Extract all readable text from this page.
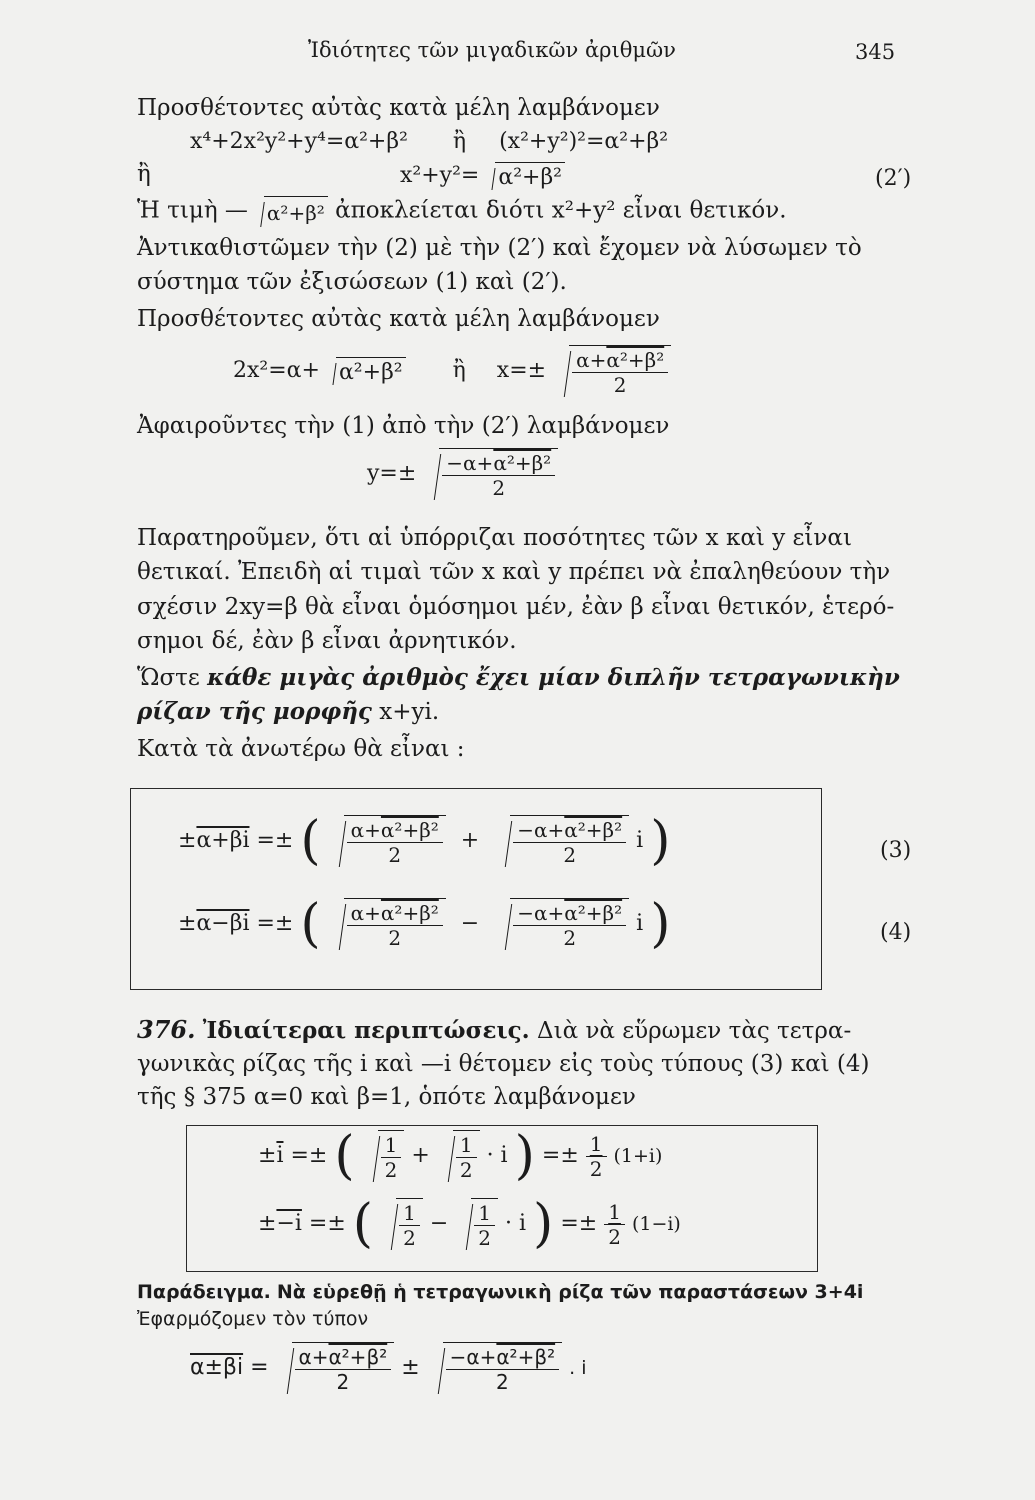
Ἰδιότητες τῶν μιγαδικῶν ἀριθμῶν	345
Προσθέτοντες αὐτὰς κατὰ μέλη λαμβάνομεν
x⁴+2x²y²+y⁴=α²+β² ἢ (x²+y²)²=α²+β²
ἢ	x²+y²= α²+β²	(2′)
Ἡ τιμὴ — α²+β² ἀποκλείεται διότι x²+y² εἶναι θετικόν.
Ἀντικαθιστῶμεν τὴν (2) μὲ τὴν (2′) καὶ ἔχομεν νὰ λύσωμεν τὸ
σύστημα τῶν ἐξισώσεων (1) καὶ (2′).
Προσθέτοντες αὐτὰς κατὰ μέλη λαμβάνομεν
2x²=α+ α²+β² ἢ $x=\pm \frac{\text{α+α²+β²}}{2}$
Ἀφαιροῦντες τὴν (1) ἀπὸ τὴν (2′) λαμβάνομεν
$y=\pm \frac{\text{−α+α²+β²}}{2}$
Παρατηροῦμεν, ὅτι αἱ ὑπόρριζαι ποσότητες τῶν x καὶ y εἶναι
θετικαί. Ἐπειδὴ αἱ τιμαὶ τῶν x καὶ y πρέπει νὰ ἐπαληθεύουν τὴν
σχέσιν 2xy=β θὰ εἶναι ὁμόσημοι μέν, ἐὰν β εἶναι θετικόν, ἑτερό-
σημοι δέ, ἐὰν β εἶναι ἀρνητικόν.
Ὥστε κάθε μιγὰς ἀριθμὸς ἔχει μίαν διπλῆν τετραγωνικὴν
ρίζαν τῆς μορφῆς x+yi.
Κατὰ τὰ ἀνωτέρω θὰ εἶναι :
±α+βi =± ( $\frac{\text{α+α²+β²}}{2} + \frac{\text{−α+α²+β²}}{2}$ i )	(3)
±α−βi =± ( $\frac{\text{α+α²+β²}}{2} - \frac{\text{−α+α²+β²}}{2}$ i )	(4)
376. Ἰδιαίτεραι περιπτώσεις. Διὰ νὰ εὕρωμεν τὰς τετρα-
γωνικὰς ρίζας τῆς i καὶ —i θέτομεν εἰς τοὺς τύπους (3) καὶ (4)
τῆς § 375 α=0 καὶ β=1, ὁπότε λαμβάνομεν
$\pm\overline{i}$ =± ( $\frac{1}{2} + \frac{1}{2} \cdot i$ ) =± $\frac{1}{2} (1+i)$
±−i =± ( $\frac{1}{2} - \frac{1}{2} \cdot i$ ) =± $\frac{1}{2} (1-i)$
Παράδειγμα. Νὰ εὑρεθῇ ἡ τετραγωνικὴ ρίζα τῶν παραστάσεων 3+4i
Ἐφαρμόζομεν τὸν τύπον
$\alpha\pm\beta i = \frac{\text{α+α²+β²}}{2} \pm \frac{\text{−α+α²+β²}}{2}$ . i
